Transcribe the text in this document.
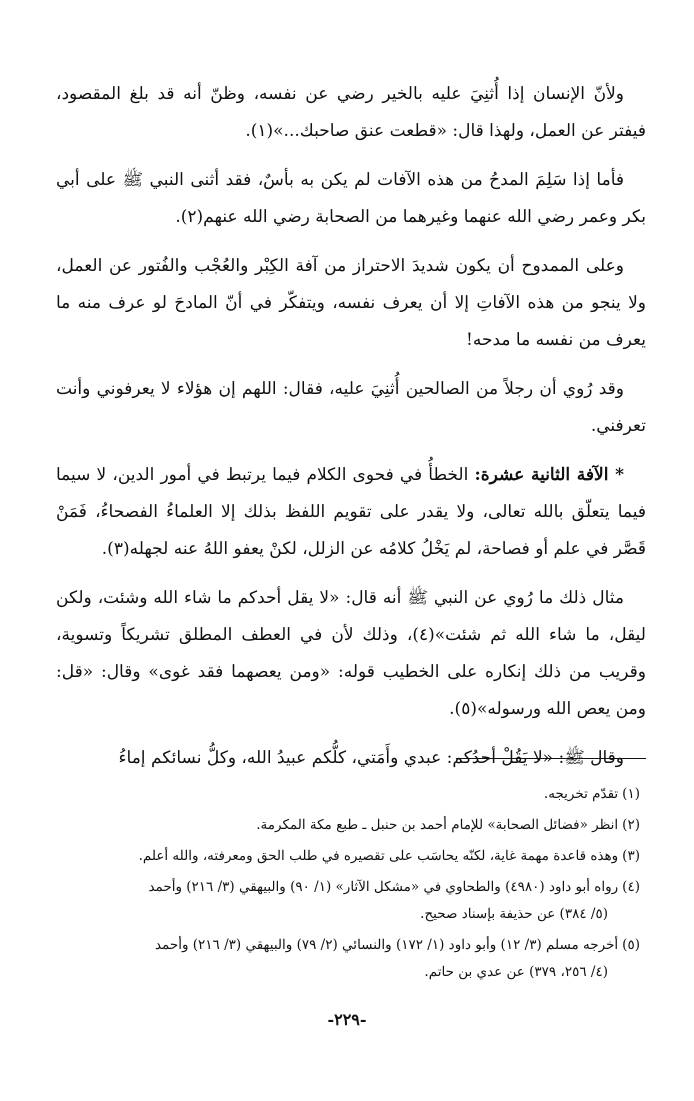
ولأنّ الإنسان إذا أُثنِيَ عليه بالخير رضي عن نفسه، وظنّ أنه قد بلغ المقصود، فيفتر عن العمل، ولهذا قال: «قطعت عنق صاحبك...»(١).

فأما إذا سَلِمَ المدحُ من هذه الآفات لم يكن به بأسٌ، فقد أثنى النبي ﷺ على أبي بكر وعمر رضي الله عنهما وغيرهما من الصحابة رضي الله عنهم(٢).

وعلى الممدوح أن يكون شديدَ الاحتراز من آفة الكِبْر والعُجْب والفُتور عن العمل، ولا ينجو من هذه الآفاتِ إلا أن يعرف نفسه، ويتفكّر في أنّ المادحَ لو عرف منه ما يعرف من نفسه ما مدحه!

وقد رُوي أن رجلاً من الصالحين أُثنِيَ عليه، فقال: اللهم إن هؤلاء لا يعرفوني وأنت تعرفني.

* الآفة الثانية عشرة: الخطأُ في فحوى الكلام فيما يرتبط في أمور الدين، لا سيما فيما يتعلّق بالله تعالى، ولا يقدر على تقويم اللفظ بذلك إلا العلماءُ الفصحاءُ، فَمَنْ قَصَّر في علم أو فصاحة، لم يَخْلُ كلامُه عن الزلل، لكنْ يعفو اللهُ عنه لجهله(٣).

مثال ذلك ما رُوي عن النبي ﷺ أنه قال: «لا يقل أحدكم ما شاء الله وشئت، ولكن ليقل، ما شاء الله ثم شئت»(٤)، وذلك لأن في العطف المطلق تشريكاً وتسوية، وقريب من ذلك إنكاره على الخطيب قوله: «ومن يعصهما فقد غوى» وقال: «قل: ومن يعص الله ورسوله»(٥).

وقال ﷺ: «لا يَقُلْ أحدُكم: عبدي وأَمَتي، كلُّكم عبيدُ الله، وكلُّ نسائكم إماءُ

(١)تقدّم تخريجه.

(٢)انظر «فضائل الصحابة» للإمام أحمد بن حنبل ـ طبع مكة المكرمة.

(٣)وهذه قاعدة مهمة غاية، لكنّه يحاسَب على تقصيره في طلب الحق ومعرفته، والله أعلم.

(٤)رواه أبو داود (٤٩٨٠) والطحاوي في «مشكل الآثار» (١/ ٩٠) والبيهقي (٣/ ٢١٦) وأحمد
(٥/ ٣٨٤) عن حذيفة بإسناد صحيح.

(٥)أخرجه مسلم (٣/ ١٢) وأبو داود (١/ ١٧٢) والنسائي (٢/ ٧٩) والبيهقي (٣/ ٢١٦) وأحمد
(٤/ ٢٥٦، ٣٧٩) عن عدي بن حاتم.

-٢٢٩-
